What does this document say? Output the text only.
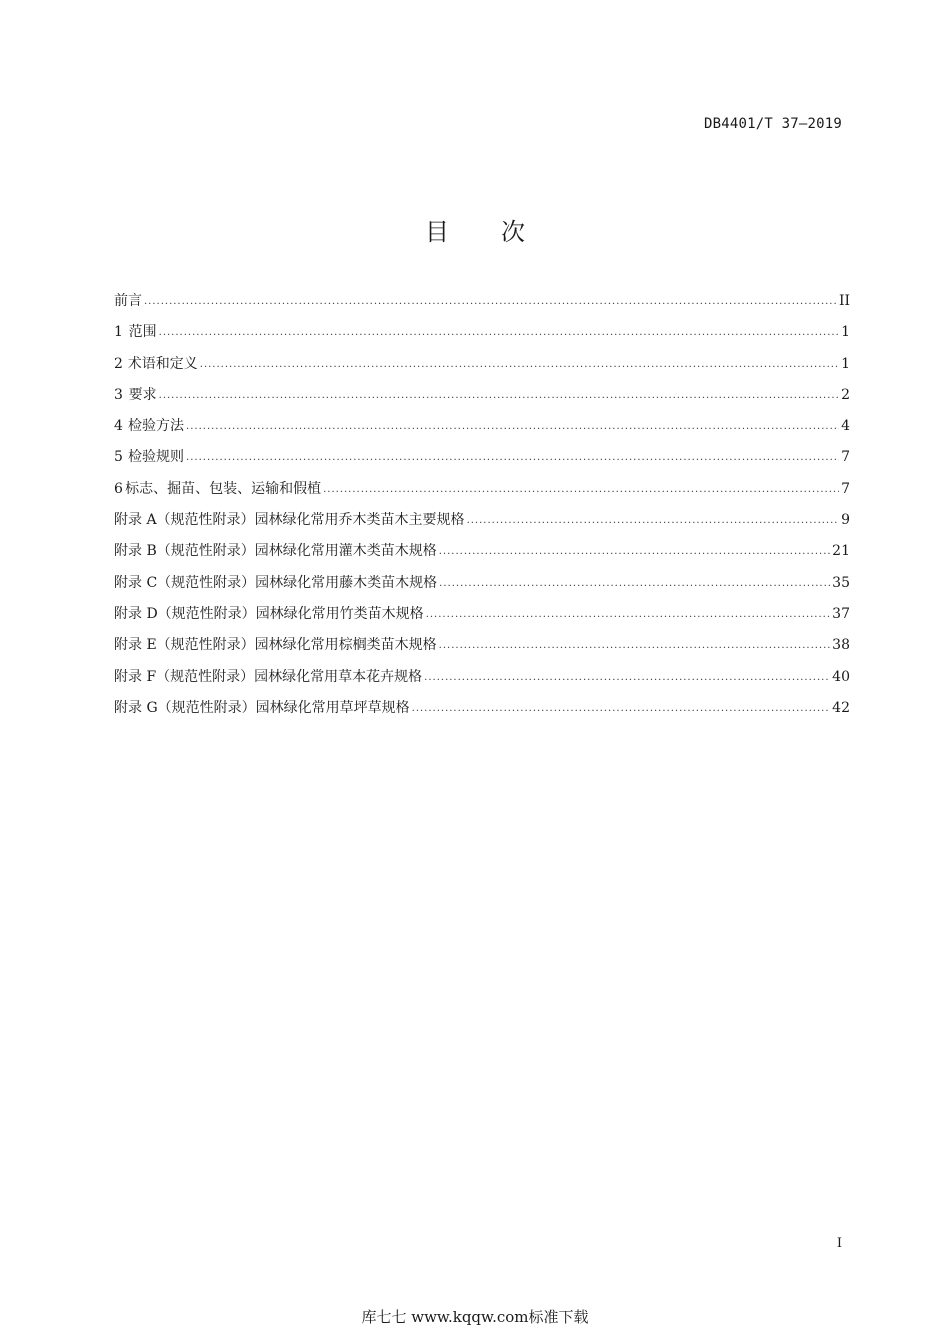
DB4401/T 37—2019
目次
前言 .....	II
1 范围 .....	1
2 术语和定义 .....	1
3 要求 .....	2
4 检验方法 .....	4
5 检验规则 .....	7
6 标志、掘苗、包装、运输和假植 .....	7
附录 A（规范性附录） 园林绿化常用乔木类苗木主要规格 .....	9
附录 B（规范性附录） 园林绿化常用灌木类苗木规格 .....	21
附录 C（规范性附录） 园林绿化常用藤木类苗木规格 .....	35
附录 D（规范性附录） 园林绿化常用竹类苗木规格 .....	37
附录 E（规范性附录） 园林绿化常用棕榈类苗木规格 .....	38
附录 F（规范性附录） 园林绿化常用草本花卉规格 .....	40
附录 G（规范性附录） 园林绿化常用草坪草规格 .....	42
I
库七七 www.kqqw.com标准下载
